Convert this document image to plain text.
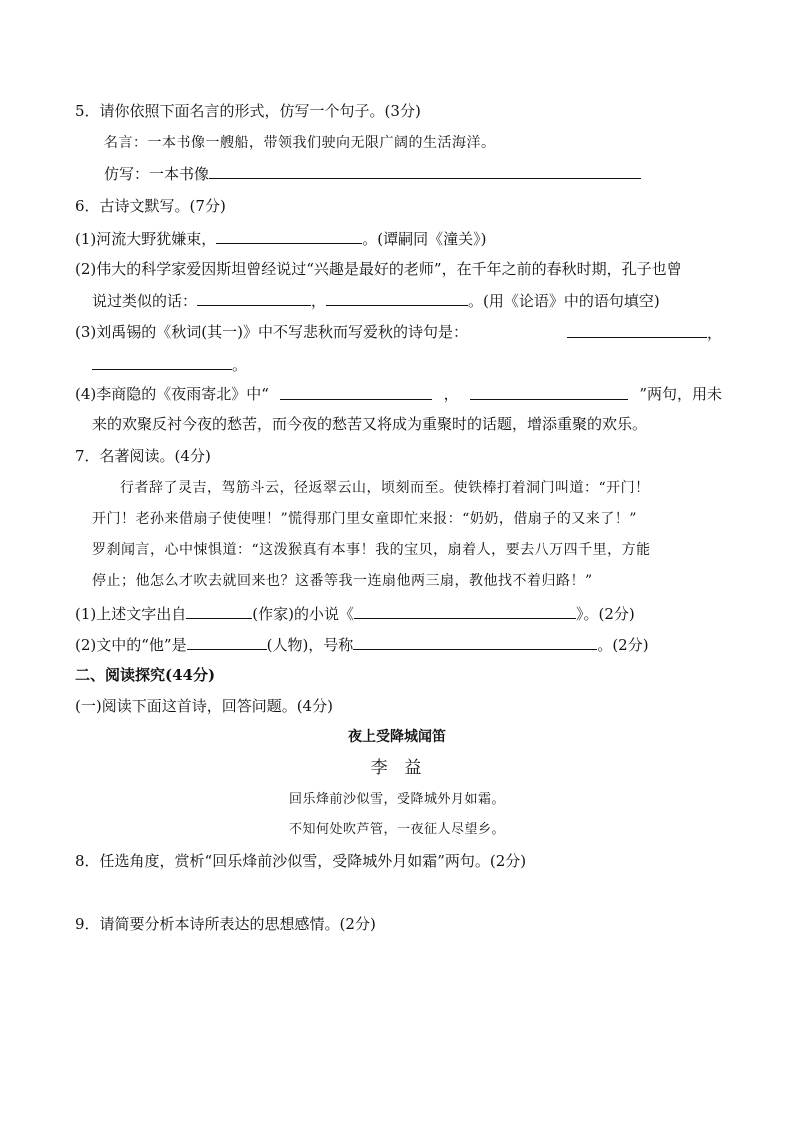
5．请你依照下面名言的形式，仿写一个句子。(3分)
名言：一本书像一艘船，带领我们驶向无限广阔的生活海洋。
仿写：一本书像
6．古诗文默写。(7分)
(1)河流大野犹嫌束，	。(谭嗣同《潼关》)
(2)伟大的科学家爱因斯坦曾经说过“兴趣是最好的老师”，在千年之前的春秋时期，孔子也曾
说过类似的话：	，	。(用《论语》中的语句填空)
(3)刘禹锡的《秋词(其一)》中不写悲秋而写爱秋的诗句是：	，
。
(4)李商隐的《夜雨寄北》中“	，	”两句，用未
来的欢聚反衬今夜的愁苦，而今夜的愁苦又将成为重聚时的话题，增添重聚的欢乐。
7．名著阅读。(4分)
行者辞了灵吉，驾筋斗云，径返翠云山，顷刻而至。使铁棒打着洞门叫道：“开门！
开门！老孙来借扇子使使哩！”慌得那门里女童即忙来报：“奶奶，借扇子的又来了！”
罗刹闻言，心中悚惧道：“这泼猴真有本事！我的宝贝，扇着人，要去八万四千里，方能
停止；他怎么才吹去就回来也？这番等我一连扇他两三扇，教他找不着归路！”
(1)上述文字出自	(作家)的小说《	》。(2分)
(2)文中的“他”是	(人物)，号称	。(2分)
二、阅读探究(44分)
(一)阅读下面这首诗，回答问题。(4分)
夜上受降城闻笛
李  益
回乐烽前沙似雪，受降城外月如霜。
不知何处吹芦管，一夜征人尽望乡。
8．任选角度，赏析“回乐烽前沙似雪，受降城外月如霜”两句。(2分)
9．请简要分析本诗所表达的思想感情。(2分)
